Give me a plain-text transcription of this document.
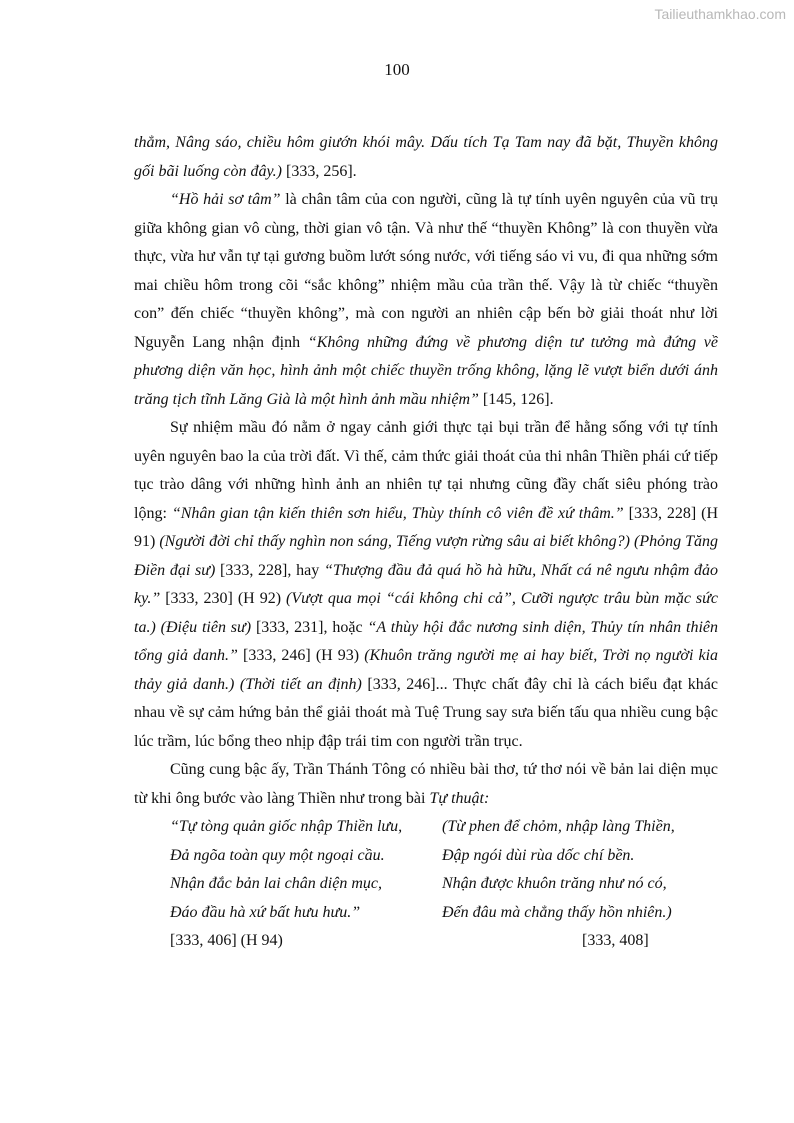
Tailieuthamkhao.com
100

thẳm, Nâng sáo, chiều hôm giướn khói mây. Dấu tích Tạ Tam nay đã bặt, Thuyền không gối bãi luống còn đây.) [333, 256].

“Hồ hải sơ tâm” là chân tâm của con người, cũng là tự tính uyên nguyên của vũ trụ giữa không gian vô cùng, thời gian vô tận. Và như thế “thuyền Không” là con thuyền vừa thực, vừa hư vẫn tự tại gương buồm lướt sóng nước, với tiếng sáo vi vu, đi qua những sớm mai chiều hôm trong cõi “sắc không” nhiệm mầu của trần thế. Vậy là từ chiếc “thuyền con” đến chiếc “thuyền không”, mà con người an nhiên cập bến bờ giải thoát như lời Nguyễn Lang nhận định “Không những đứng về phương diện tư tưởng mà đứng về phương diện văn học, hình ảnh một chiếc thuyền trống không, lặng lẽ vượt biển dưới ánh trăng tịch tĩnh Lăng Già là một hình ảnh mầu nhiệm” [145, 126].

Sự nhiệm mầu đó nằm ở ngay cảnh giới thực tại bụi trần để hằng sống với tự tính uyên nguyên bao la của trời đất. Vì thế, cảm thức giải thoát của thi nhân Thiền phái cứ tiếp tục trào dâng với những hình ảnh an nhiên tự tại nhưng cũng đầy chất siêu phóng trào lộng: “Nhân gian tận kiến thiên sơn hiểu, Thùy thính cô viên đề xứ thâm.” [333, 228] (H 91) (Người đời chỉ thấy nghìn non sáng, Tiếng vượn rừng sâu ai biết không?) (Phỏng Tăng Điền đại sư) [333, 228], hay “Thượng đầu đả quá hồ hà hữu, Nhất cá nê ngưu nhậm đảo ky.” [333, 230] (H 92) (Vượt qua mọi “cái không chi cả”, Cưỡi ngược trâu bùn mặc sức ta.) (Điệu tiên sư) [333, 231], hoặc “A thùy hội đắc nương sinh diện, Thủy tín nhân thiên tổng giả danh.” [333, 246] (H 93) (Khuôn trăng người mẹ ai hay biết, Trời nọ người kia thảy giả danh.) (Thời tiết an định) [333, 246]... Thực chất đây chỉ là cách biểu đạt khác nhau về sự cảm hứng bản thể giải thoát mà Tuệ Trung say sưa biến tấu qua nhiều cung bậc lúc trầm, lúc bổng theo nhịp đập trái tim con người trần trục.

Cũng cung bậc ấy, Trần Thánh Tông có nhiều bài thơ, tứ thơ nói về bản lai diện mục từ khi ông bước vào làng Thiền như trong bài Tự thuật:

“Tự tòng quản giốc nhập Thiền lưu,	(Từ phen để chỏm, nhập làng Thiền,
Đả ngõa toàn quy một ngoại cầu.	Đập ngói dùi rùa dốc chí bền.
Nhận đắc bản lai chân diện mục,	Nhận được khuôn trăng như nó có,
Đáo đầu hà xứ bất hưu hưu.”	Đến đâu mà chẳng thấy hồn nhiên.)
[333, 406] (H 94)	[333, 408]
